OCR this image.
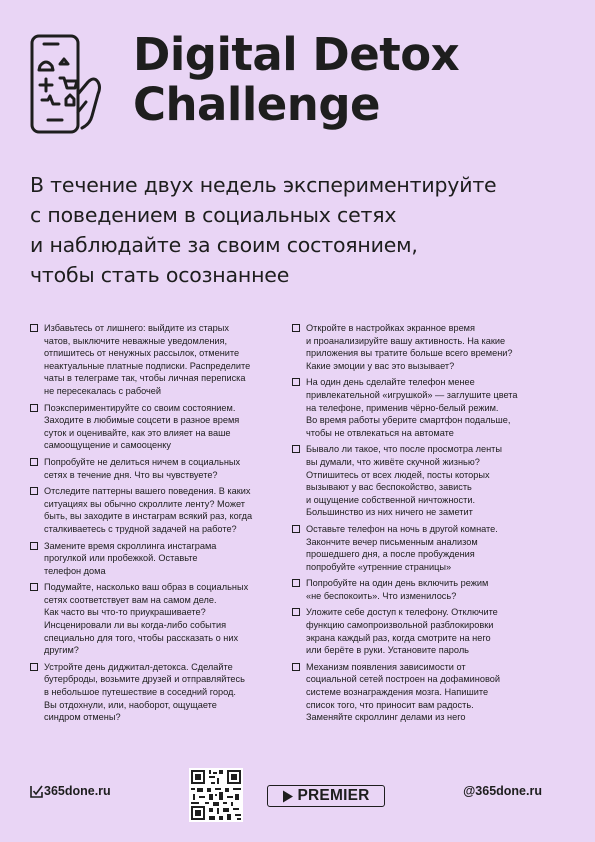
Digital Detox
Challenge

В течение двух недель экспериментируйте
с поведением в социальных сетях
и наблюдайте за своим состоянием,
чтобы стать осознаннее

Избавьтесь от лишнего: выйдите из старых
чатов, выключите неважные уведомления,
отпишитесь от ненужных рассылок, отмените
неактуальные платные подписки. Распределите
чаты в телеграме так, чтобы личная переписка
не пересекалась с рабочей
Поэкспериментируйте со своим состоянием.
Заходите в любимые соцсети в разное время
суток и оценивайте, как это влияет на ваше
самоощущение и самооценку
Попробуйте не делиться ничем в социальных
сетях в течение дня. Что вы чувствуете?
Отследите паттерны вашего поведения. В каких
ситуациях вы обычно скроллите ленту? Может
быть, вы заходите в инстаграм всякий раз, когда
сталкиваетесь с трудной задачей на работе?
Замените время скроллинга инстаграма
прогулкой или пробежкой. Оставьте
телефон дома
Подумайте, насколько ваш образ в социальных
сетях соответствует вам на самом деле.
Как часто вы что-то приукрашиваете?
Инсценировали ли вы когда-либо события
специально для того, чтобы рассказать о них
другим?
Устройте день диджитал-детокса. Сделайте
бутерброды, возьмите друзей и отправляйтесь
в небольшое путешествие в соседний город.
Вы отдохнули, или, наоборот, ощущаете
синдром отмены?
Откройте в настройках экранное время
и проанализируйте вашу активность. На какие
приложения вы тратите больше всего времени?
Какие эмоции у вас это вызывает?
На один день сделайте телефон менее
привлекательной «игрушкой» — заглушите цвета
на телефоне, применив чёрно-белый режим.
Во время работы уберите смартфон подальше,
чтобы не отвлекаться на автомате
Бывало ли такое, что после просмотра ленты
вы думали, что живёте скучной жизнью?
Отпишитесь от всех людей, посты которых
вызывают у вас беспокойство, зависть
и ощущение собственной ничтожности.
Большинство из них ничего не заметит
Оставьте телефон на ночь в другой комнате.
Закончите вечер письменным анализом
прошедшего дня, а после пробуждения
попробуйте «утренние страницы»
Попробуйте на один день включить режим
«не беспокоить». Что изменилось?
Уложите себе доступ к телефону. Отключите
функцию самопроизвольной разблокировки
экрана каждый раз, когда смотрите на него
или берёте в руки. Установите пароль
Механизм появления зависимости от
социальной сетей построен на дофаминовой
системе вознаграждения мозга. Напишите
список того, что приносит вам радость.
Заменяйте скроллинг делами из него
365done.ru	PREMIER	@365done.ru
